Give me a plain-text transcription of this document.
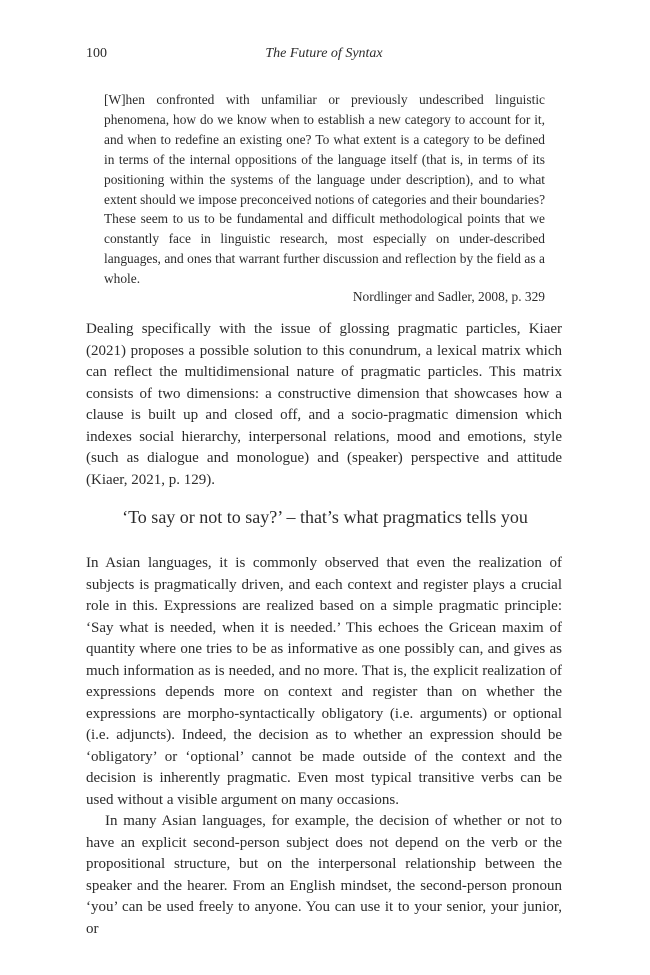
100	The Future of Syntax

[W]hen confronted with unfamiliar or previously undescribed linguistic phenomena, how do we know when to establish a new category to account for it, and when to redefine an existing one? To what extent is a category to be defined in terms of the internal oppositions of the language itself (that is, in terms of its positioning within the systems of the language under description), and to what extent should we impose preconceived notions of categories and their boundaries? These seem to us to be fundamental and difficult methodological points that we constantly face in linguistic research, most especially on under-described languages, and ones that warrant further discussion and reflection by the field as a whole.

Nordlinger and Sadler, 2008, p. 329

Dealing specifically with the issue of glossing pragmatic particles, Kiaer (2021) proposes a possible solution to this conundrum, a lexical matrix which can reflect the multidimensional nature of pragmatic particles. This matrix consists of two dimensions: a constructive dimension that showcases how a clause is built up and closed off, and a socio-pragmatic dimension which indexes social hierarchy, interpersonal relations, mood and emotions, style (such as dialogue and monologue) and (speaker) perspective and attitude (Kiaer, 2021, p. 129).

‘To say or not to say?’ – that’s what pragmatics tells you

In Asian languages, it is commonly observed that even the realization of subjects is pragmatically driven, and each context and register plays a crucial role in this. Expressions are realized based on a simple pragmatic principle: ‘Say what is needed, when it is needed.’ This echoes the Gricean maxim of quantity where one tries to be as informative as one possibly can, and gives as much information as is needed, and no more. That is, the explicit realization of expressions depends more on context and register than on whether the expressions are morpho-syntactically obligatory (i.e. arguments) or optional (i.e. adjuncts). Indeed, the decision as to whether an expression should be ‘obligatory’ or ‘optional’ cannot be made outside of the context and the decision is inherently pragmatic. Even most typical transitive verbs can be used without a visible argument on many occasions.

In many Asian languages, for example, the decision of whether or not to have an explicit second-person subject does not depend on the verb or the propositional structure, but on the interpersonal relationship between the speaker and the hearer. From an English mindset, the second-person pronoun ‘you’ can be used freely to anyone. You can use it to your senior, your junior, or
